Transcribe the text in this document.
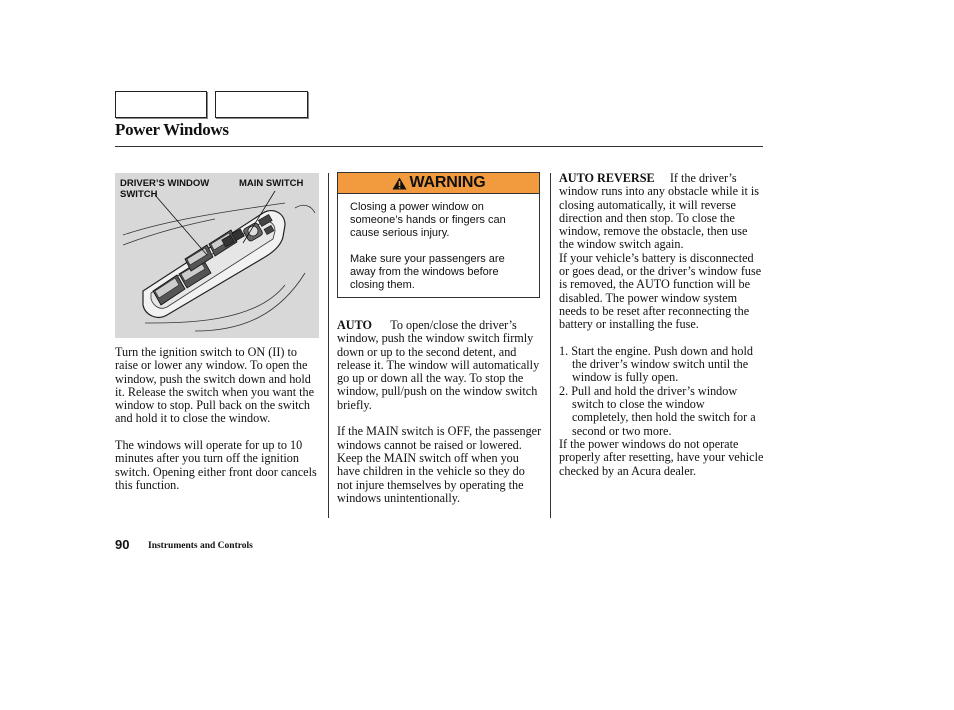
Power Windows
DRIVER’S WINDOW SWITCH
MAIN SWITCH

Turn the ignition switch to ON (II) to raise or lower any window. To open the window, push the switch down and hold it. Release the switch when you want the window to stop. Pull back on the switch and hold it to close the window.

The windows will operate for up to 10 minutes after you turn off the ignition switch. Opening either front door cancels this function.

WARNING

Closing a power window on someone’s hands or fingers can cause serious injury.

Make sure your passengers are away from the windows before closing them.

AUTO To open/close the driver’s window, push the window switch firmly down or up to the second detent, and release it. The window will automatically go up or down all the way. To stop the window, pull/push on the window switch briefly.

If the MAIN switch is OFF, the passenger windows cannot be raised or lowered. Keep the MAIN switch off when you have children in the vehicle so they do not injure themselves by operating the windows unintentionally.

AUTO REVERSE If the driver’s window runs into any obstacle while it is closing automatically, it will reverse direction and then stop. To close the window, remove the obstacle, then use the window switch again.

If your vehicle’s battery is disconnected or goes dead, or the driver’s window fuse is removed, the AUTO function will be disabled. The power window system needs to be reset after reconnecting the battery or installing the fuse.

1. Start the engine. Push down and hold the driver’s window switch until the window is fully open.
2. Pull and hold the driver’s window switch to close the window completely, then hold the switch for a second or two more.

If the power windows do not operate properly after resetting, have your vehicle checked by an Acura dealer.

90 Instruments and Controls
